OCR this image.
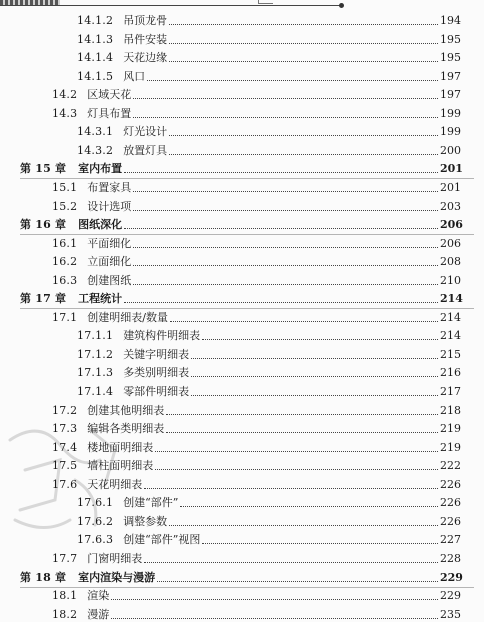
14.1.2 吊顶龙骨	194
14.1.3 吊件安装	195
14.1.4 天花边缘	195
14.1.5 风口	197
14.2 区域天花	197
14.3 灯具布置	199
14.3.1 灯光设计	199
14.3.2 放置灯具	200
第 15 章 室内布置	201
15.1 布置家具	201
15.2 设计选项	203
第 16 章 图纸深化	206
16.1 平面细化	206
16.2 立面细化	208
16.3 创建图纸	210
第 17 章 工程统计	214
17.1 创建明细表/数量	214
17.1.1 建筑构件明细表	214
17.1.2 关键字明细表	215
17.1.3 多类别明细表	216
17.1.4 零部件明细表	217
17.2 创建其他明细表	218
17.3 编辑各类明细表	219
17.4 楼地面明细表	219
17.5 墙柱面明细表	222
17.6 天花明细表	226
17.6.1 创建“部件”	226
17.6.2 调整参数	226
17.6.3 创建“部件”视图	227
17.7 门窗明细表	228
第 18 章 室内渲染与漫游	229
18.1 渲染	229
18.2 漫游	235
